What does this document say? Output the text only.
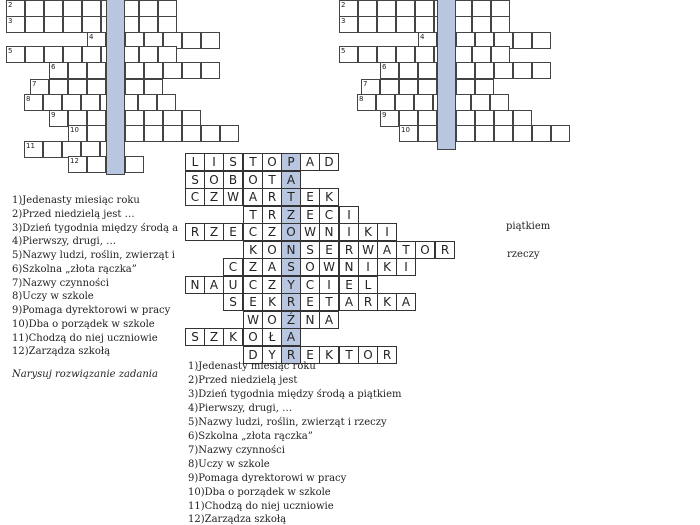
2
3
4
5
6
7
8
9
10
11
12
2
3
4
5
6
7
8
9
10
L	I	S	T O P A D
S O B O T A
C Z W A R T E K
T R Z E C	I
R Z E	C Z O W N	I	K	I
K O N S E	R W A T O R
C Z A S O W N	I	K	I
N A U C Z Y C	I	E L
S	E K R E T	A R K A
W O Ź N A
S Z K O Ł A
D Y R E K	T O R
1)Jedenasty miesiąc roku
2)Przed niedzielą jest …
3)Dzień tygodnia między środą a
4)Pierwszy, drugi, …
5)Nazwy ludzi, roślin, zwierząt i
6)Szkolna „złota rączka”
7)Nazwy czynności
8)Uczy w szkole
9)Pomaga dyrektorowi w pracy
10)Dba o porządek w szkole
11)Chodzą do niej uczniowie
12)Zarządza szkołą
Narysuj rozwiązanie zadania
piątkiem
rzeczy
1)Jedenasty miesiąc roku
2)Przed niedzielą jest
3)Dzień tygodnia między środą a piątkiem
4)Pierwszy, drugi, …
5)Nazwy ludzi, roślin, zwierząt i rzeczy
6)Szkolna „złota rączka”
7)Nazwy czynności
8)Uczy w szkole
9)Pomaga dyrektorowi w pracy
10)Dba o porządek w szkole
11)Chodzą do niej uczniowie
12)Zarządza szkołą
